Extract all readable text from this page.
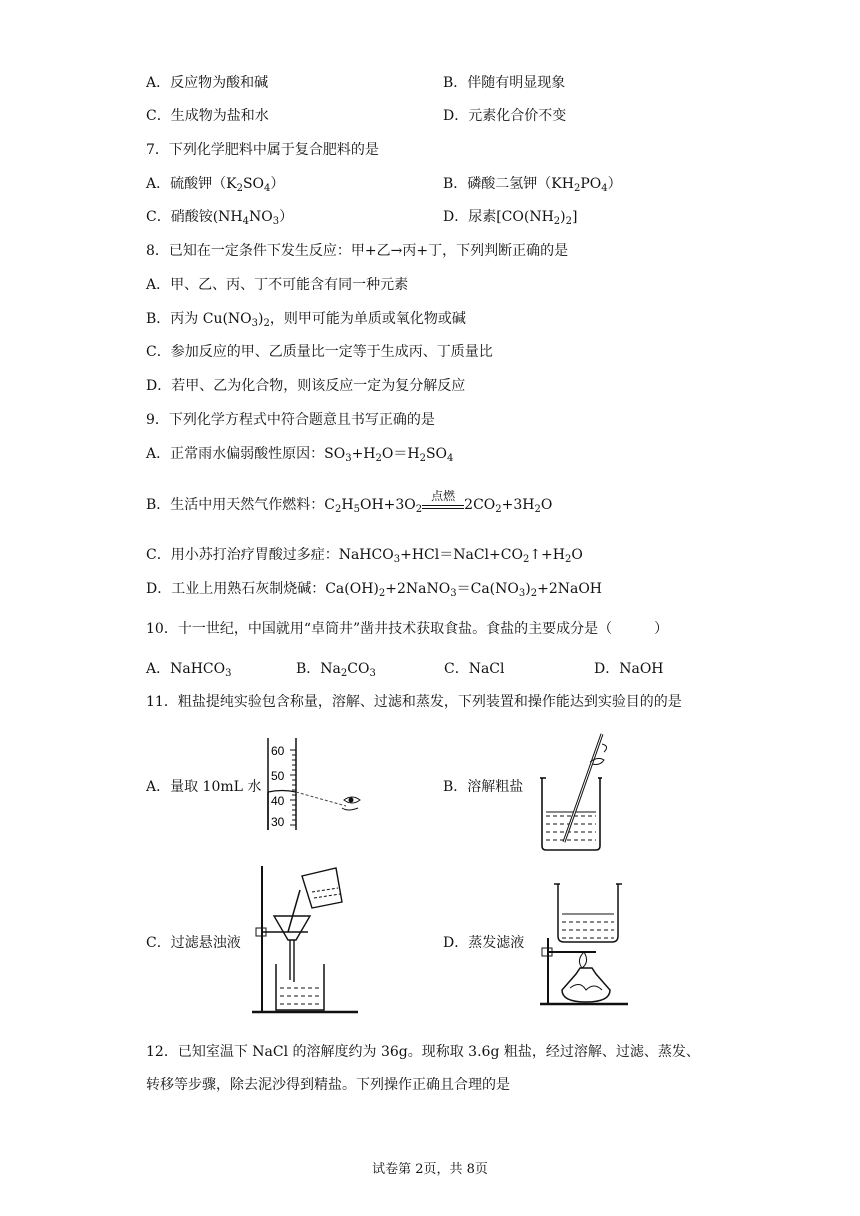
A．反应物为酸和碱	B．伴随有明显现象
C．生成物为盐和水	D．元素化合价不变
7．下列化学肥料中属于复合肥料的是
A．硫酸钾$(K_2SO_4)$	B．磷酸二氢钾$(KH_2PO_4)$
C．硝酸铵$(NH_4NO_3)$	D．尿素$[CO(NH_2)_2]$
8．已知在一定条件下发生反应：甲+乙→丙+丁，下列判断正确的是
A．甲、乙、丙、丁不可能含有同一种元素
B．丙为 $Cu(NO_3)_2$，则甲可能为单质或氧化物或碱
C．参加反应的甲、乙质量比一定等于生成丙、丁质量比
D．若甲、乙为化合物，则该反应一定为复分解反应
9．下列化学方程式中符合题意且书写正确的是
A．正常雨水偏弱酸性原因：$SO_3+H_2O=H_2SO_4$
B．生活中用天然气作燃料：$C_2H_5OH+3O_2$
点燃
$2CO_2+3H_2O$
C．用小苏打治疗胃酸过多症：$NaHCO_3+HCl=NaCl+CO_2↑+H_2O$
D．工业上用熟石灰制烧碱：$Ca(OH)_2+2NaNO_3=Ca(NO_3)_2+2NaOH$
10．十一世纪，中国就用“卓筒井”凿井技术获取食盐。食盐的主要成分是（　　　）
A．NaHCO$_3$	B．$Na_2CO_3$	C．NaCl	D．NaOH
11．粗盐提纯实验包含称量，溶解、过滤和蒸发，下列装置和操作能达到实验目的的是
A．量取 10mL 水	B．溶解粗盐
C．过滤悬浊液	D．蒸发滤液
60
50
40
30
12．已知室温下 NaCl 的溶解度约为 36g。现称取 3.6g 粗盐，经过溶解、过滤、蒸发、
转移等步骤，除去泥沙得到精盐。下列操作正确且合理的是
试卷第 2页，共 8页
